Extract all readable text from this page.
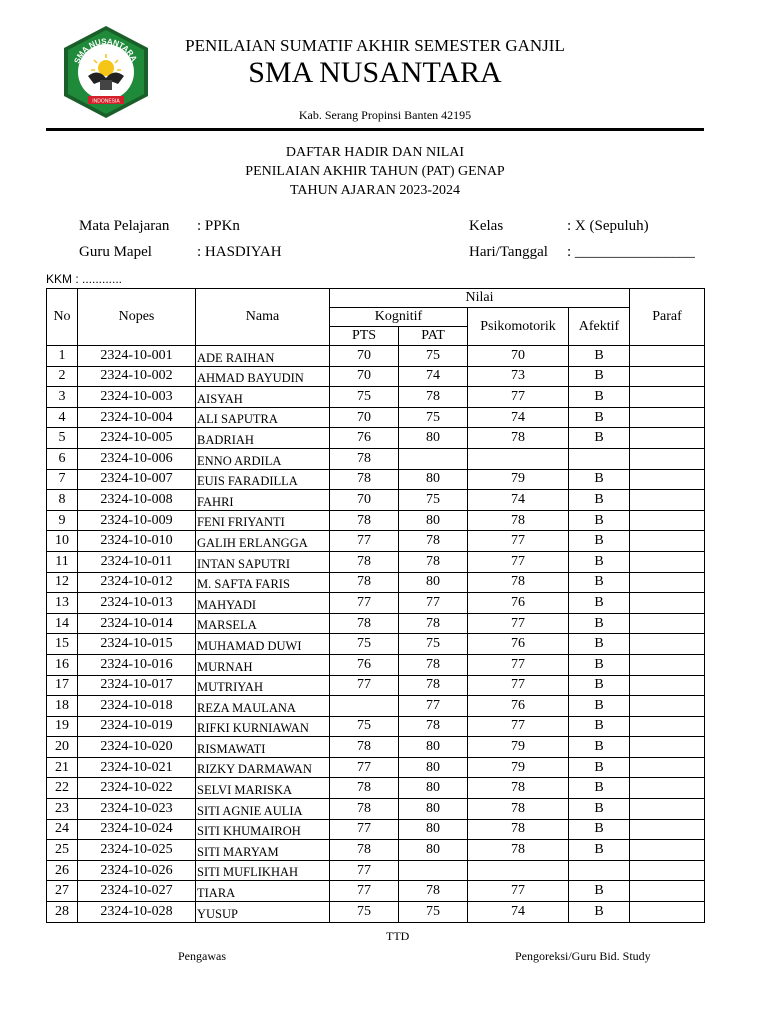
SMA NUSANTARA
INDONESIA
PENILAIAN SUMATIF AKHIR SEMESTER GANJIL
SMA NUSANTARA
Kab. Serang Propinsi Banten 42195
DAFTAR HADIR DAN NILAI
PENILAIAN AKHIR TAHUN (PAT) GENAP
TAHUN AJARAN 2023-2024
Mata Pelajaran : PPKn	Kelas	: X (Sepuluh)
Guru Mapel	: HASDIYAH	Hari/Tanggal : ________________
KKM : ............
No	Nopes	Nama	Nilai				Paraf
			Kognitif		Psikomotorik	Afektif	
			PTS	PAT			
1	2324-10-001	ADE RAIHAN	70	75	70	B	
2	2324-10-002	AHMAD BAYUDIN	70	74	73	B	
3	2324-10-003	AISYAH	75	78	77	B	
4	2324-10-004	ALI SAPUTRA	70	75	74	B	
5	2324-10-005	BADRIAH	76	80	78	B	
6	2324-10-006	ENNO ARDILA	78				
7	2324-10-007	EUIS FARADILLA	78	80	79	B	
8	2324-10-008	FAHRI	70	75	74	B	
9	2324-10-009	FENI FRIYANTI	78	80	78	B	
10	2324-10-010	GALIH ERLANGGA	77	78	77	B	
11	2324-10-011	INTAN SAPUTRI	78	78	77	B	
12	2324-10-012	M. SAFTA FARIS	78	80	78	B	
13	2324-10-013	MAHYADI	77	77	76	B	
14	2324-10-014	MARSELA	78	78	77	B	
15	2324-10-015	MUHAMAD DUWI	75	75	76	B	
16	2324-10-016	MURNAH	76	78	77	B	
17	2324-10-017	MUTRIYAH	77	78	77	B	
18	2324-10-018	REZA MAULANA		77	76	B	
19	2324-10-019	RIFKI KURNIAWAN	75	78	77	B	
20	2324-10-020	RISMAWATI	78	80	79	B	
21	2324-10-021	RIZKY DARMAWAN	77	80	79	B	
22	2324-10-022	SELVI MARISKA	78	80	78	B	
23	2324-10-023	SITI AGNIE AULIA	78	80	78	B	
24	2324-10-024	SITI KHUMAIROH	77	80	78	B	
25	2324-10-025	SITI MARYAM	78	80	78	B	
26	2324-10-026	SITI MUFLIKHAH	77				
27	2324-10-027	TIARA	77	78	77	B	
28	2324-10-028	YUSUP	75	75	74	B	
TTD
Pengawas	Pengoreksi/Guru Bid. Study
